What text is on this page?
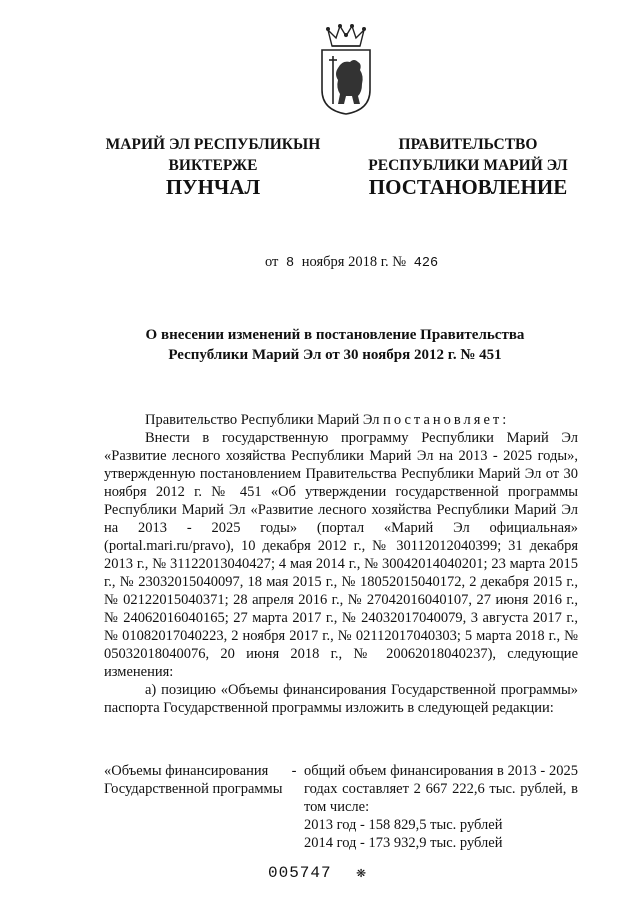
МАРИЙ ЭЛ РЕСПУБЛИКЫН
ВИКТЕРЖЕ
ПРАВИТЕЛЬСТВО
РЕСПУБЛИКИ МАРИЙ ЭЛ
ПУНЧАЛ	ПОСТАНОВЛЕНИЕ
от 8 ноября 2018 г. № 426
О внесении изменений в постановление Правительства
Республики Марий Эл от 30 ноября 2012 г. № 451

Правительство Республики Марий Эл постановляет:

Внести в государственную программу Республики Марий Эл «Развитие лесного хозяйства Республики Марий Эл на 2013 - 2025 годы», утвержденную постановлением Правительства Республики Марий Эл от 30 ноября 2012 г. № 451 «Об утверждении государственной программы Республики Марий Эл «Развитие лесного хозяйства Республики Марий Эл на 2013 - 2025 годы» (портал «Марий Эл официальная» (portal.mari.ru/pravo), 10 декабря 2012 г., № 30112012040399; 31 декабря 2013 г., № 31122013040427; 4 мая 2014 г., № 30042014040201; 23 марта 2015 г., № 23032015040097, 18 мая 2015 г., № 18052015040172, 2 декабря 2015 г., № 02122015040371; 28 апреля 2016 г., № 27042016040107, 27 июня 2016 г., № 24062016040165; 27 марта 2017 г., № 24032017040079, 3 августа 2017 г., № 01082017040223, 2 ноября 2017 г., № 02112017040303; 5 марта 2018 г., № 05032018040076, 20 июня 2018 г., № 20062018040237), следующие изменения:

а) позицию «Объемы финансирования Государственной программы» паспорта Государственной программы изложить в следующей редакции:

«Объемы финансирования Государственной программы
- общий объем финансирования в 2013 - 2025 годах составляет 2 667 222,6 тыс. рублей, в том числе:

2013 год - 158 829,5 тыс. рублей

2014 год - 173 932,9 тыс. рублей

005747 ❋
